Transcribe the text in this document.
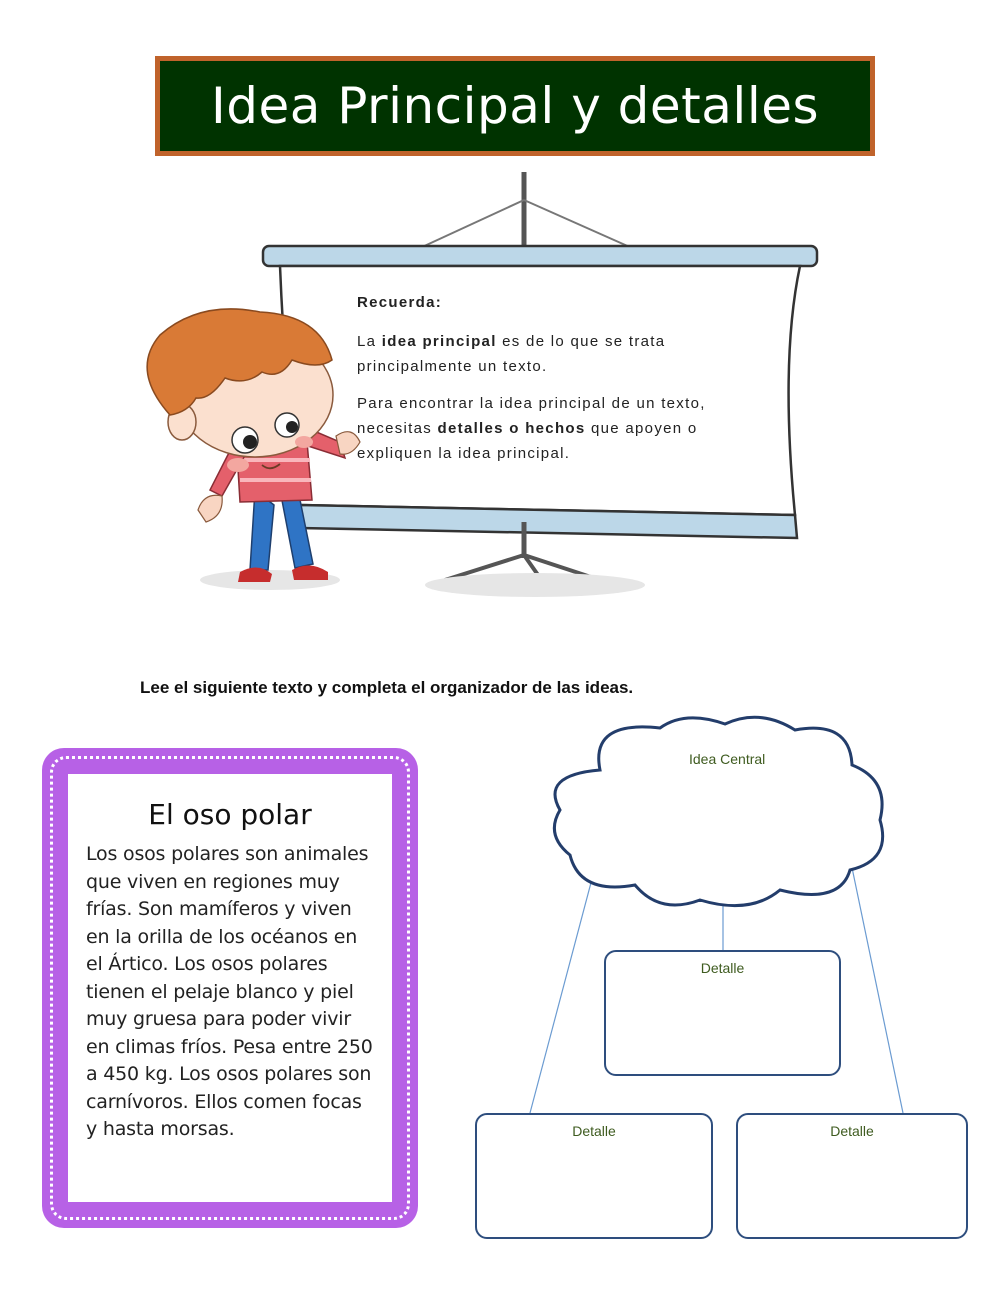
Idea Principal y detalles

Recuerda:

La idea principal es de lo que se trata principalmente un texto.

Para encontrar la idea principal de un texto, necesitas detalles o hechos que apoyen o expliquen la idea principal.

Lee el siguiente texto y completa el organizador de las ideas.

El oso polar

Los osos polares son animales que viven en regiones muy frías. Son mamíferos y viven en la orilla de los océanos en el Ártico. Los osos polares tienen el pelaje blanco y piel muy gruesa para poder vivir en climas fríos. Pesa entre 250 a 450 kg. Los osos polares son carnívoros. Ellos comen focas y hasta morsas.

Idea Central
Detalle
Detalle	Detalle
